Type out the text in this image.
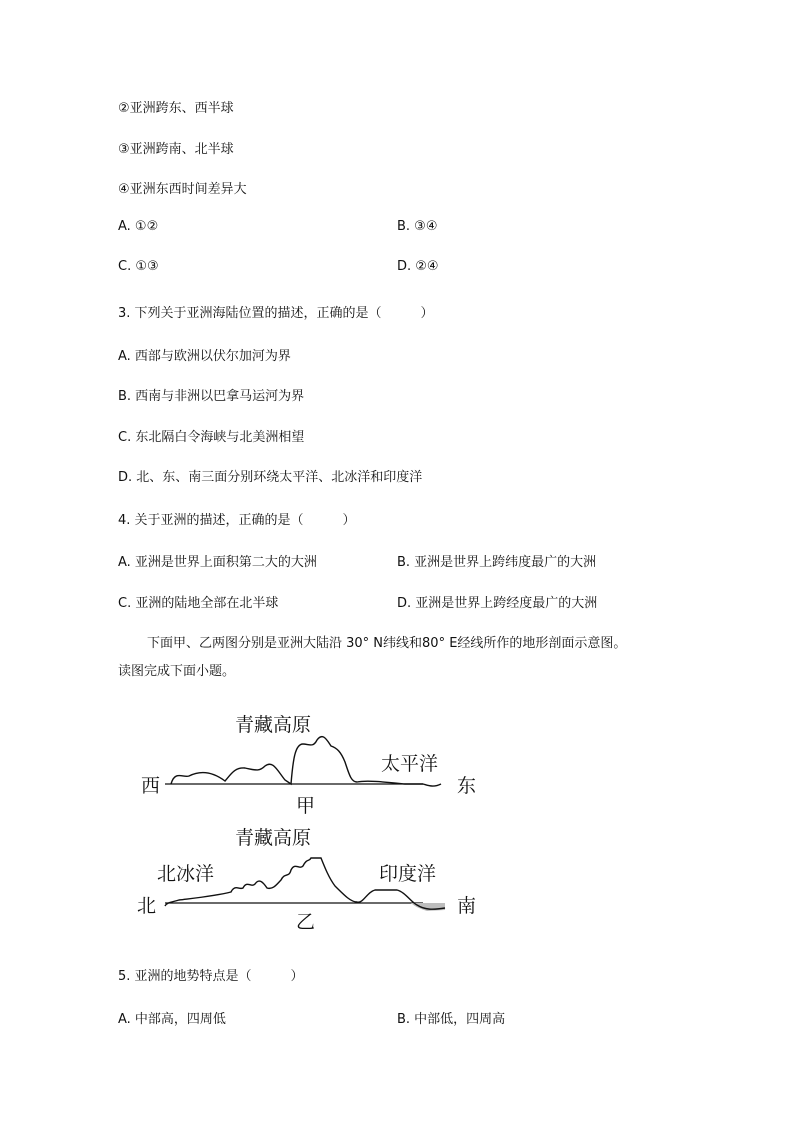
②亚洲跨东、西半球
③亚洲跨南、北半球
④亚洲东西时间差异大
A. ①②	B. ③④
C. ①③	D. ②④
3. 下列关于亚洲海陆位置的描述，正确的是（　　　）
A. 西部与欧洲以伏尔加河为界
B. 西南与非洲以巴拿马运河为界
C. 东北隔白令海峡与北美洲相望
D. 北、东、南三面分别环绕太平洋、北冰洋和印度洋
4. 关于亚洲的描述，正确的是（　　　）
A. 亚洲是世界上面积第二大的大洲	B. 亚洲是世界上跨纬度最广的大洲
C. 亚洲的陆地全部在北半球	D. 亚洲是世界上跨经度最广的大洲
下面甲、乙两图分别是亚洲大陆沿 30° N纬线和80° E经线所作的地形剖面示意图。
读图完成下面小题。
青藏高原
西	东
太平洋
甲
青藏高原
北冰洋	印度洋
北	南
乙
5. 亚洲的地势特点是（　　　）
A. 中部高，四周低	B. 中部低，四周高
